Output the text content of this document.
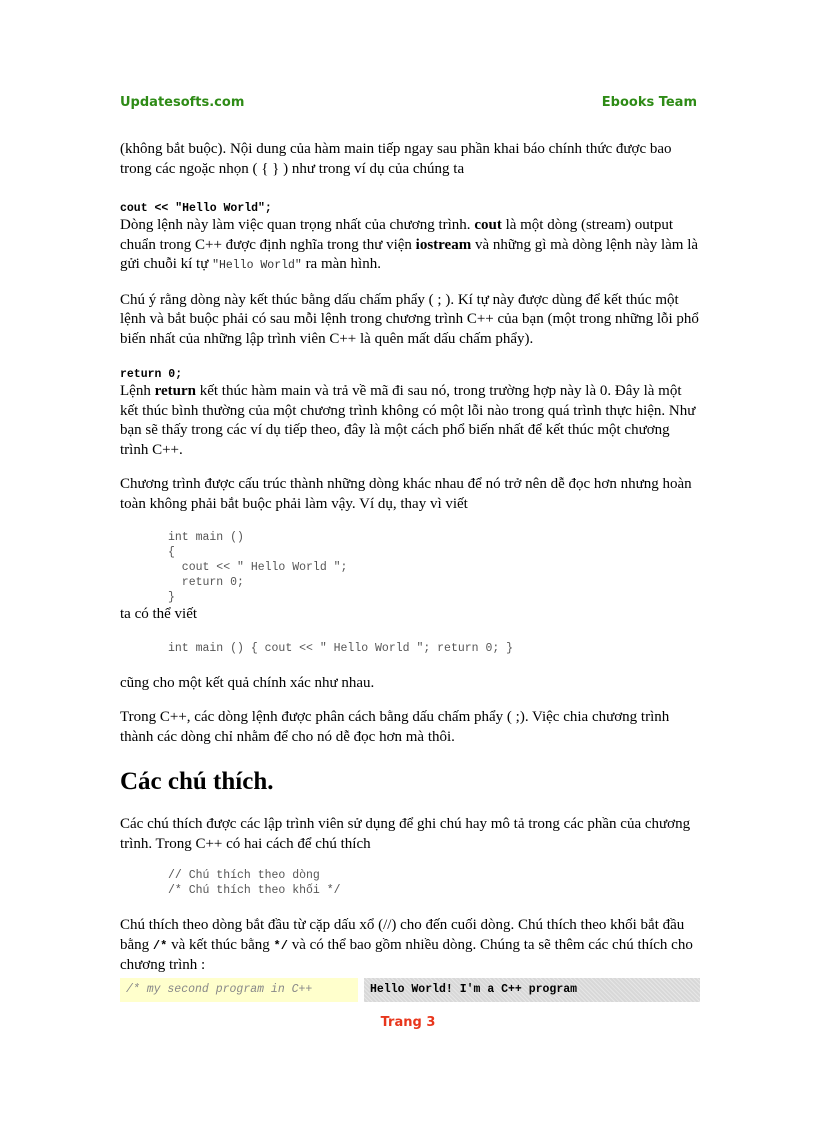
Updatesofts.com	Ebooks Team

(không bắt buộc). Nội dung của hàm main tiếp ngay sau phần khai báo chính thức được bao trong các ngoặc nhọn ( { } ) như trong ví dụ của chúng ta

cout << "Hello World";

Dòng lệnh này làm việc quan trọng nhất của chương trình. cout là một dòng (stream) output chuẩn trong C++ được định nghĩa trong thư viện iostream và những gì mà dòng lệnh này làm là gửi chuỗi kí tự "Hello World" ra màn hình.

Chú ý rằng dòng này kết thúc bằng dấu chấm phẩy ( ; ). Kí tự này được dùng để kết thúc một lệnh và bắt buộc phải có sau mỗi lệnh trong chương trình C++ của bạn (một trong những lỗi phổ biến nhất của những lập trình viên C++ là quên mất dấu chấm phẩy).

return 0;

Lệnh return kết thúc hàm main và trả về mã đi sau nó, trong trường hợp này là 0. Đây là một kết thúc bình thường của một chương trình không có một lỗi nào trong quá trình thực hiện. Như bạn sẽ thấy trong các ví dụ tiếp theo, đây là một cách phổ biến nhất để kết thúc một chương trình C++.

Chương trình được cấu trúc thành những dòng khác nhau để nó trở nên dễ đọc hơn nhưng hoàn toàn không phải bắt buộc phải làm vậy. Ví dụ, thay vì viết

int main ()
{
cout << " Hello World ";
return 0;
}

ta có thể viết

int main () { cout << " Hello World "; return 0; }

cũng cho một kết quả chính xác như nhau.

Trong C++, các dòng lệnh được phân cách bằng dấu chấm phẩy ( ;). Việc chia chương trình thành các dòng chỉ nhằm để cho nó dễ đọc hơn mà thôi.

Các chú thích.

Các chú thích được các lập trình viên sử dụng để ghi chú hay mô tả trong các phần của chương trình. Trong C++ có hai cách để chú thích

// Chú thích theo dòng
/* Chú thích theo khối */

Chú thích theo dòng bắt đầu từ cặp dấu xổ (//) cho đến cuối dòng. Chú thích theo khối bắt đầu bằng /* và kết thúc bằng */ và có thể bao gồm nhiều dòng. Chúng ta sẽ thêm các chú thích cho chương trình :

/* my second program in C++	Hello World! I'm a C++ program
Trang 3
